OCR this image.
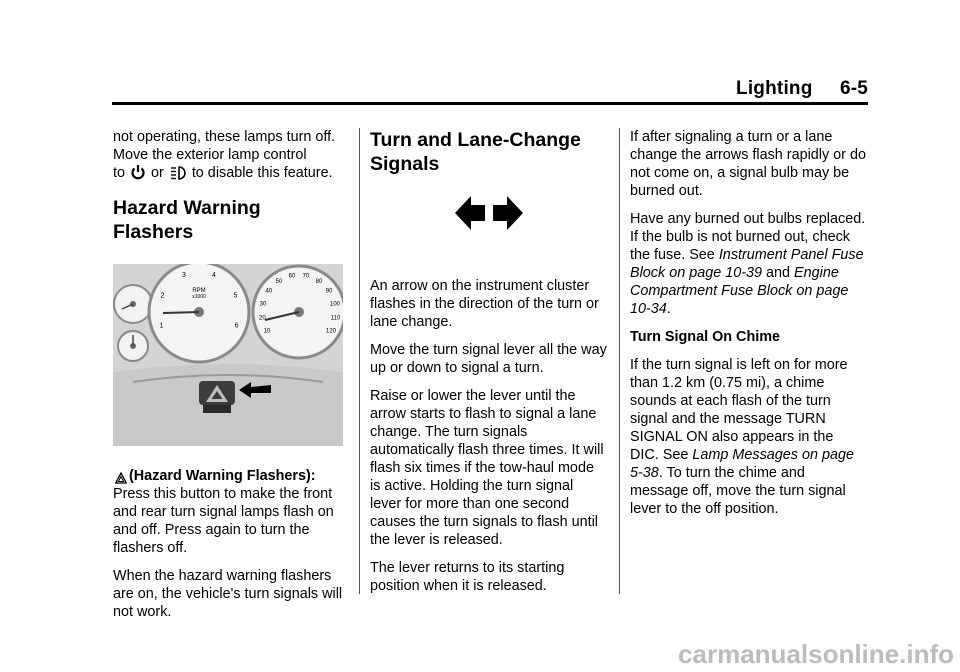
Lighting 6-5

not operating, these lamps turn off.
Move the exterior lamp control
to or to disable this feature.

Hazard Warning Flashers
RPM
x1000
1
2
3	4
5
6
10
20
30
40
50
60 70
80
90
100
110
120

(Hazard Warning Flashers):
Press this button to make the front and rear turn signal lamps flash on and off. Press again to turn the flashers off.

When the hazard warning flashers are on, the vehicle's turn signals will not work.

Turn and Lane-Change
Signals

An arrow on the instrument cluster flashes in the direction of the turn or lane change.

Move the turn signal lever all the way up or down to signal a turn.

Raise or lower the lever until the arrow starts to flash to signal a lane change. The turn signals automatically flash three times. It will flash six times if the tow-haul mode is active. Holding the turn signal lever for more than one second causes the turn signals to flash until the lever is released.

The lever returns to its starting position when it is released.

If after signaling a turn or a lane change the arrows flash rapidly or do not come on, a signal bulb may be burned out.

Have any burned out bulbs replaced. If the bulb is not burned out, check the fuse. See Instrument Panel Fuse Block on page 10-39 and Engine Compartment Fuse Block on page 10-34.

Turn Signal On Chime

If the turn signal is left on for more than 1.2 km (0.75 mi), a chime sounds at each flash of the turn signal and the message TURN SIGNAL ON also appears in the DIC. See Lamp Messages on page 5-38. To turn the chime and message off, move the turn signal lever to the off position.

carmanualsonline.info
